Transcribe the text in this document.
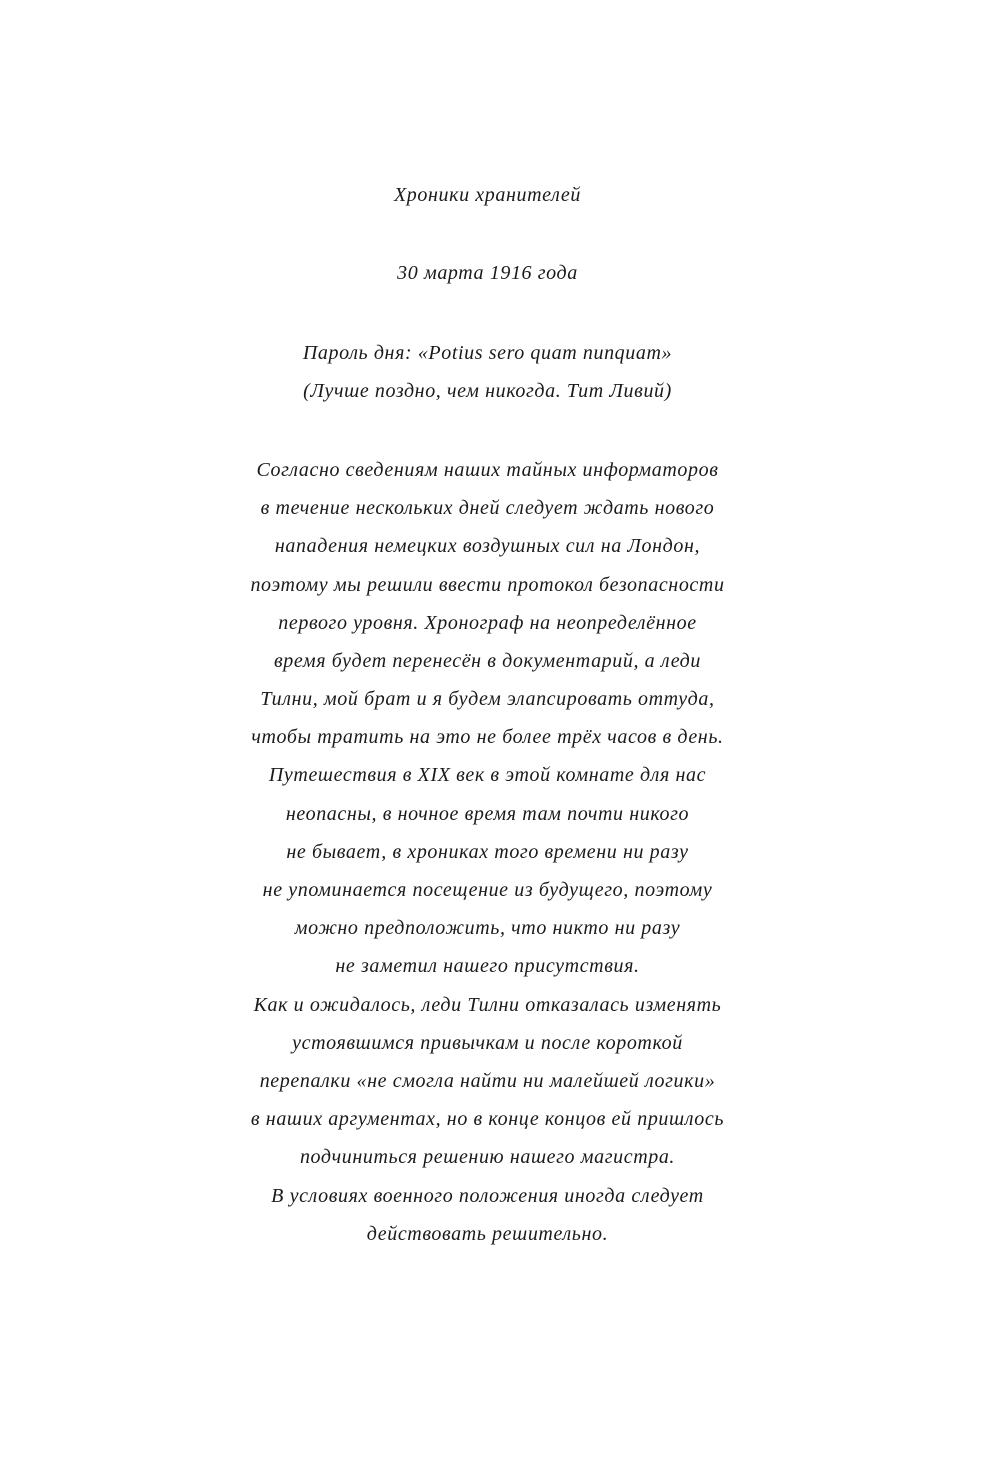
Хроники хранителей
30 марта 1916 года
Пароль дня: «Potius sero quam nunquam»
(Лучше поздно, чем никогда. Тит Ливий)
Согласно сведениям наших тайных информаторов
в течение нескольких дней следует ждать нового
нападения немецких воздушных сил на Лондон,
поэтому мы решили ввести протокол безопасности
первого уровня. Хронограф на неопределённое
время будет перенесён в документарий, а леди
Тилни, мой брат и я будем элапсировать оттуда,
чтобы тратить на это не более трёх часов в день.
Путешествия в XIX век в этой комнате для нас
неопасны, в ночное время там почти никого
не бывает, в хрониках того времени ни разу
не упоминается посещение из будущего, поэтому
можно предположить, что никто ни разу
не заметил нашего присутствия.
Как и ожидалось, леди Тилни отказалась изменять
устоявшимся привычкам и после короткой
перепалки «не смогла найти ни малейшей логики»
в наших аргументах, но в конце концов ей пришлось
подчиниться решению нашего магистра.
В условиях военного положения иногда следует
действовать решительно.
